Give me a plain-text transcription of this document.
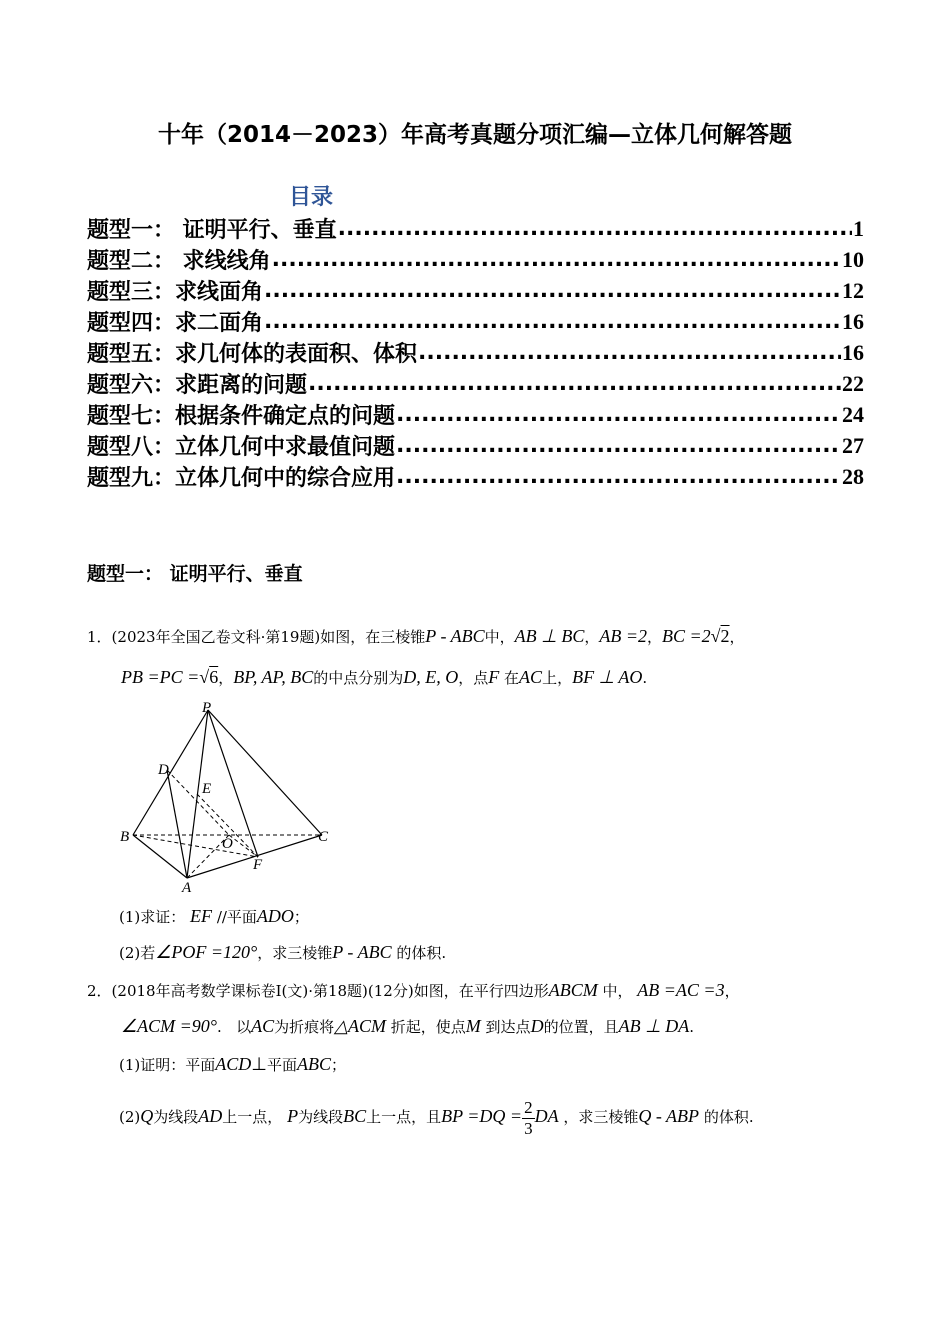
十年（2014－2023）年高考真题分项汇编—立体几何解答题
目录
题型一： 证明平行、垂直 .....	1
题型二： 求线线角 .....	10
题型三：求线面角 .....	12
题型四：求二面角 .....	16
题型五：求几何体的表面积、体积 .....	16
题型六：求距离的问题 .....	22
题型七：根据条件确定点的问题 .....	24
题型八：立体几何中求最值问题 .....	27
题型九：立体几何中的综合应用 .....	28
题型一： 证明平行、垂直
1．(2023年全国乙卷文科·第19题)如图，在三棱锥P - ABC中，AB ⊥ BC，AB =2，BC =2√2，
PB =PC =√6，BP, AP, BC的中点分别为D, E, O，点F 在AC上，BF ⊥ AO.
P
D
E
B	O	C
F
A
(1)求证： EF //平面ADO；
(2)若∠POF =120°，求三棱锥P - ABC 的体积.
2．(2018年高考数学课标卷Ⅰ(文)·第18题)(12分)如图，在平行四边形ABCM 中， AB =AC =3，
∠ACM =90°. 以AC为折痕将△ACM 折起，使点M 到达点D的位置，且AB ⊥ DA.
(1)证明：平面ACD⊥平面ABC；
(2)Q为线段AD上一点， P为线段BC上一点，且BP $=DQ = \frac{2}{3}$ DA ，求三棱锥Q - ABP 的体积.
